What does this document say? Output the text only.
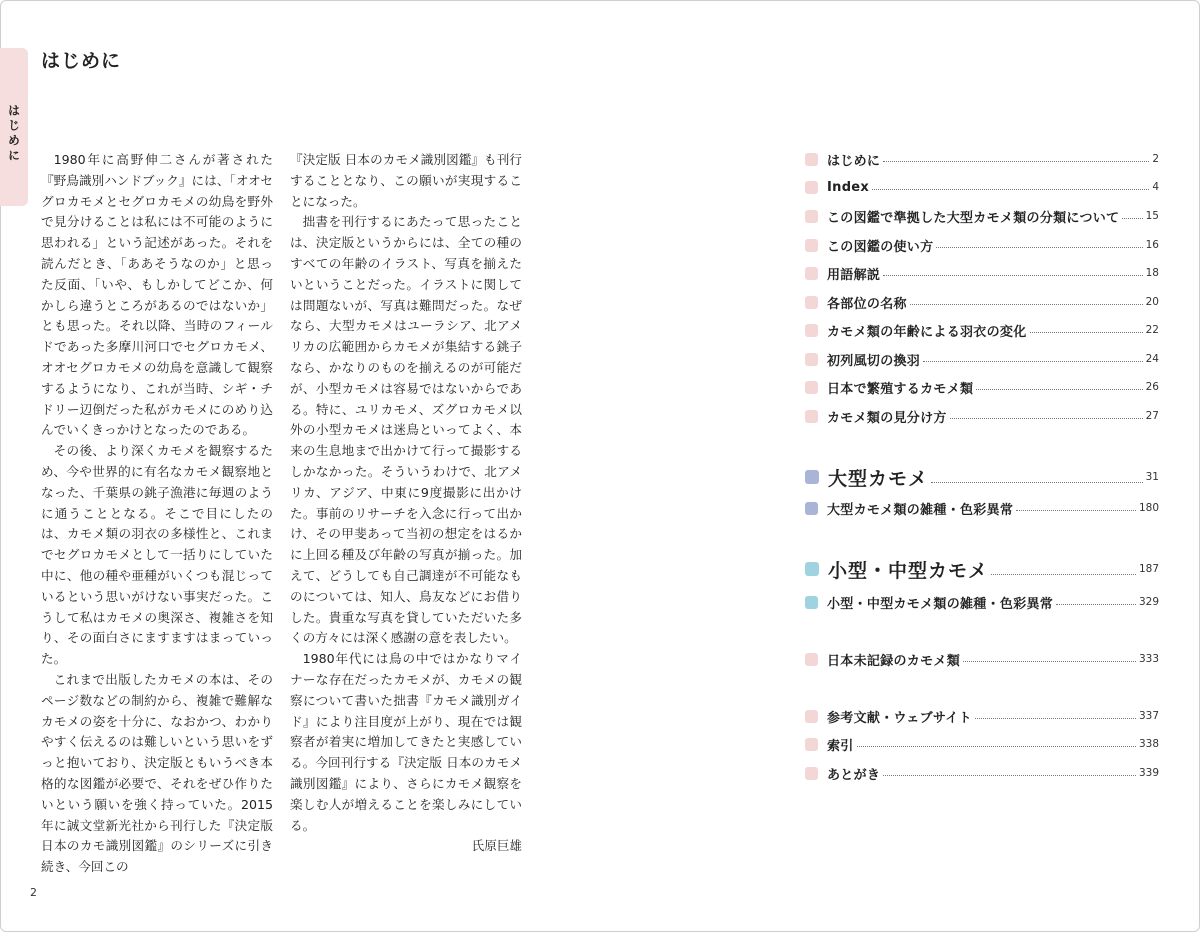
はじめに
はじめに

1980年に高野伸二さんが著された『野鳥識別ハンドブック』には、「オオセグロカモメとセグロカモメの幼鳥を野外で見分けることは私には不可能のように思われる」という記述があった。それを読んだとき、「ああそうなのか」と思った反面、「いや、もしかしてどこか、何かしら違うところがあるのではないか」とも思った。それ以降、当時のフィールドであった多摩川河口でセグロカモメ、オオセグロカモメの幼鳥を意識して観察するようになり、これが当時、シギ・チドリー辺倒だった私がカモメにのめり込んでいくきっかけとなったのである。

その後、より深くカモメを観察するため、今や世界的に有名なカモメ観察地となった、千葉県の銚子漁港に毎週のように通うこととなる。そこで目にしたのは、カモメ類の羽衣の多様性と、これまでセグロカモメとして一括りにしていた中に、他の種や亜種がいくつも混じっているという思いがけない事実だった。こうして私はカモメの奥深さ、複雑さを知り、その面白さにますますはまっていった。

これまで出版したカモメの本は、そのページ数などの制約から、複雑で難解なカモメの姿を十分に、なおかつ、わかりやすく伝えるのは難しいという思いをずっと抱いており、決定版ともいうべき本格的な図鑑が必要で、それをぜひ作りたいという願いを強く持っていた。2015年に誠文堂新光社から刊行した『決定版 日本のカモ識別図鑑』のシリーズに引き続き、今回この

『決定版 日本のカモメ識別図鑑』も刊行することとなり、この願いが実現することになった。

拙書を刊行するにあたって思ったことは、決定版というからには、全ての種のすべての年齢のイラスト、写真を揃えたいということだった。イラストに関しては問題ないが、写真は難問だった。なぜなら、大型カモメはユーラシア、北アメリカの広範囲からカモメが集結する銚子なら、かなりのものを揃えるのが可能だが、小型カモメは容易ではないからである。特に、ユリカモメ、ズグロカモメ以外の小型カモメは迷鳥といってよく、本来の生息地まで出かけて行って撮影するしかなかった。そういうわけで、北アメリカ、アジア、中東に9度撮影に出かけた。事前のリサーチを入念に行って出かけ、その甲斐あって当初の想定をはるかに上回る種及び年齢の写真が揃った。加えて、どうしても自己調達が不可能なものについては、知人、鳥友などにお借りした。貴重な写真を貸していただいた多くの方々には深く感謝の意を表したい。

1980年代には鳥の中ではかなりマイナーな存在だったカモメが、カモメの観察について書いた拙書『カモメ識別ガイド』により注目度が上がり、現在では観察者が着実に増加してきたと実感している。今回刊行する『決定版 日本のカモメ識別図鑑』により、さらにカモメ観察を楽しむ人が増えることを楽しみにしている。

氏原巨雄
2
はじめに	2
Index	4
この図鑑で準拠した大型カモメ類の分類について	15
この図鑑の使い方	16
用語解説	18
各部位の名称	20
カモメ類の年齢による羽衣の変化	22
初列風切の換羽	24
日本で繁殖するカモメ類	26
カモメ類の見分け方	27
大型カモメ	31
大型カモメ類の雑種・色彩異常	180
小型・中型カモメ	187
小型・中型カモメ類の雑種・色彩異常	329
日本未記録のカモメ類	333
参考文献・ウェブサイト	337
索引	338
あとがき	339
